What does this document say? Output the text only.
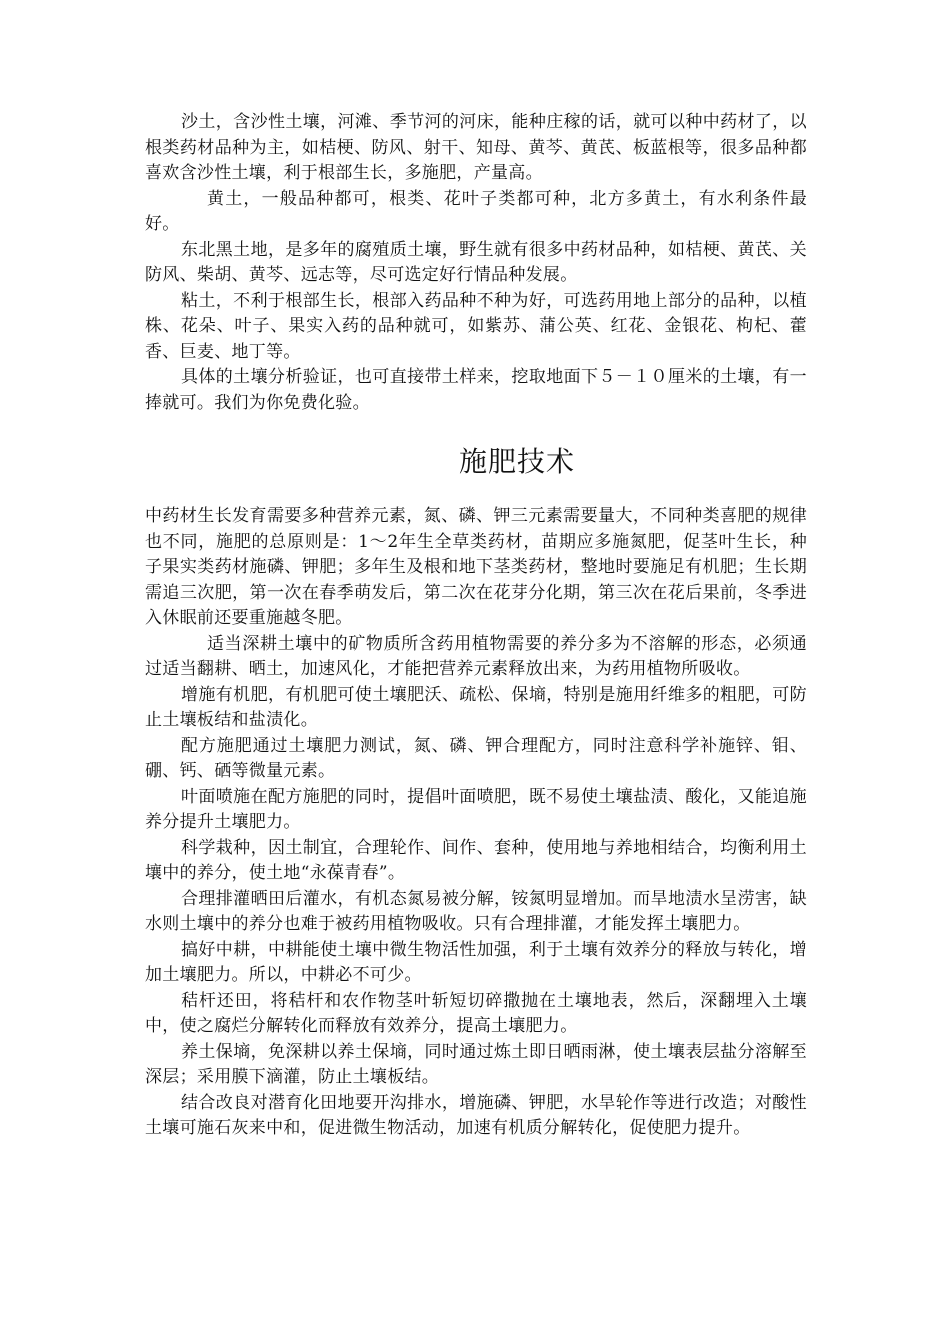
沙土，含沙性土壤，河滩、季节河的河床，能种庄稼的话，就可以种中药材了，以根类药材品种为主，如桔梗、防风、射干、知母、黄芩、黄芪、板蓝根等，很多品种都喜欢含沙性土壤，利于根部生长，多施肥，产量高。

黄土，一般品种都可，根类、花叶子类都可种，北方多黄土，有水利条件最好。

东北黑土地，是多年的腐殖质土壤，野生就有很多中药材品种，如桔梗、黄芪、关防风、柴胡、黄芩、远志等，尽可选定好行情品种发展。

粘土，不利于根部生长，根部入药品种不种为好，可选药用地上部分的品种，以植株、花朵、叶子、果实入药的品种就可，如紫苏、蒲公英、红花、金银花、枸杞、藿香、巨麦、地丁等。

具体的土壤分析验证，也可直接带土样来，挖取地面下５－１０厘米的土壤，有一捧就可。我们为你免费化验。

施肥技术

中药材生长发育需要多种营养元素，氮、磷、钾三元素需要量大，不同种类喜肥的规律也不同，施肥的总原则是：1～2年生全草类药材，苗期应多施氮肥，促茎叶生长，种子果实类药材施磷、钾肥；多年生及根和地下茎类药材，整地时要施足有机肥；生长期需追三次肥，第一次在春季萌发后，第二次在花芽分化期，第三次在花后果前，冬季进入休眠前还要重施越冬肥。

适当深耕土壤中的矿物质所含药用植物需要的养分多为不溶解的形态，必须通过适当翻耕、晒土，加速风化，才能把营养元素释放出来，为药用植物所吸收。

增施有机肥，有机肥可使土壤肥沃、疏松、保墒，特别是施用纤维多的粗肥，可防止土壤板结和盐渍化。

配方施肥通过土壤肥力测试，氮、磷、钾合理配方，同时注意科学补施锌、钼、硼、钙、硒等微量元素。

叶面喷施在配方施肥的同时，提倡叶面喷肥，既不易使土壤盐渍、酸化，又能追施养分提升土壤肥力。

科学栽种，因土制宜，合理轮作、间作、套种，使用地与养地相结合，均衡利用土壤中的养分，使土地“永葆青春”。

合理排灌晒田后灌水，有机态氮易被分解，铵氮明显增加。而旱地渍水呈涝害，缺水则土壤中的养分也难于被药用植物吸收。只有合理排灌，才能发挥土壤肥力。

搞好中耕，中耕能使土壤中微生物活性加强，利于土壤有效养分的释放与转化，增加土壤肥力。所以，中耕必不可少。

秸杆还田，将秸杆和农作物茎叶斩短切碎撒抛在土壤地表，然后，深翻埋入土壤中，使之腐烂分解转化而释放有效养分，提高土壤肥力。

养土保墒，免深耕以养土保墒，同时通过炼土即日晒雨淋，使土壤表层盐分溶解至深层；采用膜下滴灌，防止土壤板结。

结合改良对潜育化田地要开沟排水，增施磷、钾肥，水旱轮作等进行改造；对酸性土壤可施石灰来中和，促进微生物活动，加速有机质分解转化，促使肥力提升。
